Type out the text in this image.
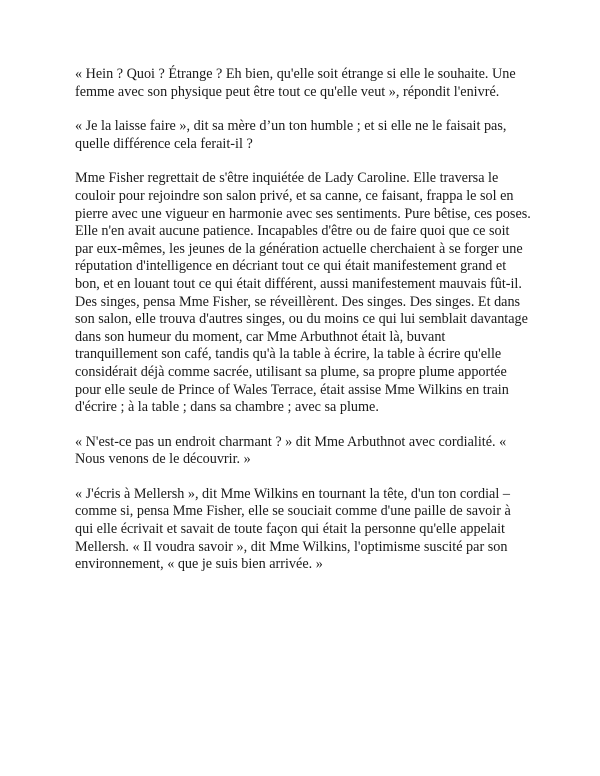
« Hein ? Quoi ? Étrange ? Eh bien, qu'elle soit étrange si elle le souhaite. Une femme avec son physique peut être tout ce qu'elle veut », répondit l'enivré.

« Je la laisse faire », dit sa mère d’un ton humble ; et si elle ne le faisait pas, quelle différence cela ferait-il ?

Mme Fisher regrettait de s'être inquiétée de Lady Caroline. Elle traversa le couloir pour rejoindre son salon privé, et sa canne, ce faisant, frappa le sol en pierre avec une vigueur en harmonie avec ses sentiments. Pure bêtise, ces poses. Elle n'en avait aucune patience. Incapables d'être ou de faire quoi que ce soit par eux-mêmes, les jeunes de la génération actuelle cherchaient à se forger une réputation d'intelligence en décriant tout ce qui était manifestement grand et bon, et en louant tout ce qui était différent, aussi manifestement mauvais fût-il. Des singes, pensa Mme Fisher, se réveillèrent. Des singes. Des singes. Et dans son salon, elle trouva d'autres singes, ou du moins ce qui lui semblait davantage dans son humeur du moment, car Mme Arbuthnot était là, buvant tranquillement son café, tandis qu'à la table à écrire, la table à écrire qu'elle considérait déjà comme sacrée, utilisant sa plume, sa propre plume apportée pour elle seule de Prince of Wales Terrace, était assise Mme Wilkins en train d'écrire ; à la table ; dans sa chambre ; avec sa plume.

« N'est-ce pas un endroit charmant ? » dit Mme Arbuthnot avec cordialité. « Nous venons de le découvrir. »

« J'écris à Mellersh », dit Mme Wilkins en tournant la tête, d'un ton cordial – comme si, pensa Mme Fisher, elle se souciait comme d'une paille de savoir à qui elle écrivait et savait de toute façon qui était la personne qu'elle appelait Mellersh. « Il voudra savoir », dit Mme Wilkins, l'optimisme suscité par son environnement, « que je suis bien arrivée. »
